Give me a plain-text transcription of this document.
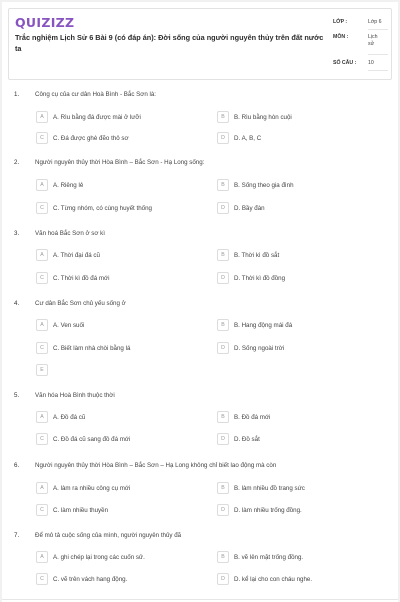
QUIZIZZ
Trắc nghiệm Lịch Sử 6 Bài 9 (có đáp án): Đời sống của người nguyên thủy trên đất nước ta
LỚP :	Lớp 6
MÔN :	Lịch sử
SỐ CÂU : 10
1.	Công cụ của cư dân Hoà Bình - Bắc Sơn là:
A	A. Rìu bằng đá được mài ở lưỡi	B	B. Rìu bằng hòn cuội
C	C. Đá được ghè đẽo thô sơ	D	D. A, B, C
2.	Người nguyên thủy thời Hòa Bình – Bắc Sơn - Hạ Long sống:
A	A. Riêng lẻ	B	B. Sống theo gia đình
C	C. Từng nhóm, có cùng huyết thống	D	D. Bầy đàn
3.	Văn hoá Bắc Sơn ở sơ kì
A	A. Thời đại đá cũ	B	B. Thời kì đồ sắt
C	C. Thời kì đồ đá mới	D	D. Thời kì đồ đồng
4.	Cư dân Bắc Sơn chủ yếu sống ở
A	A. Ven suối	B	B. Hang động mái đá
C	C. Biết làm nhà chòi bằng lá	D	D. Sống ngoài trời
E
5.	Văn hóa Hoà Bình thuộc thời
A	A. Đồ đá cũ	B	B. Đồ đá mới
C	C. Đồ đá cũ sang đồ đá mới	D	D. Đồ sắt
6.	Người nguyên thủy thời Hòa Bình – Bắc Sơn – Hạ Long không chỉ biết lao động mà còn
A	A. làm ra nhiều công cụ mới	B	B. làm nhiều đồ trang sức
C	C. làm nhiều thuyền	D	D. làm nhiều trống đồng.
7.	Để mô tả cuộc sống của mình, người nguyên thủy đã
A	A. ghi chép lại trong các cuốn sử.	B	B. vẽ lên mặt trống đồng.
C	C. vẽ trên vách hang động.	D	D. kể lại cho con cháu nghe.
